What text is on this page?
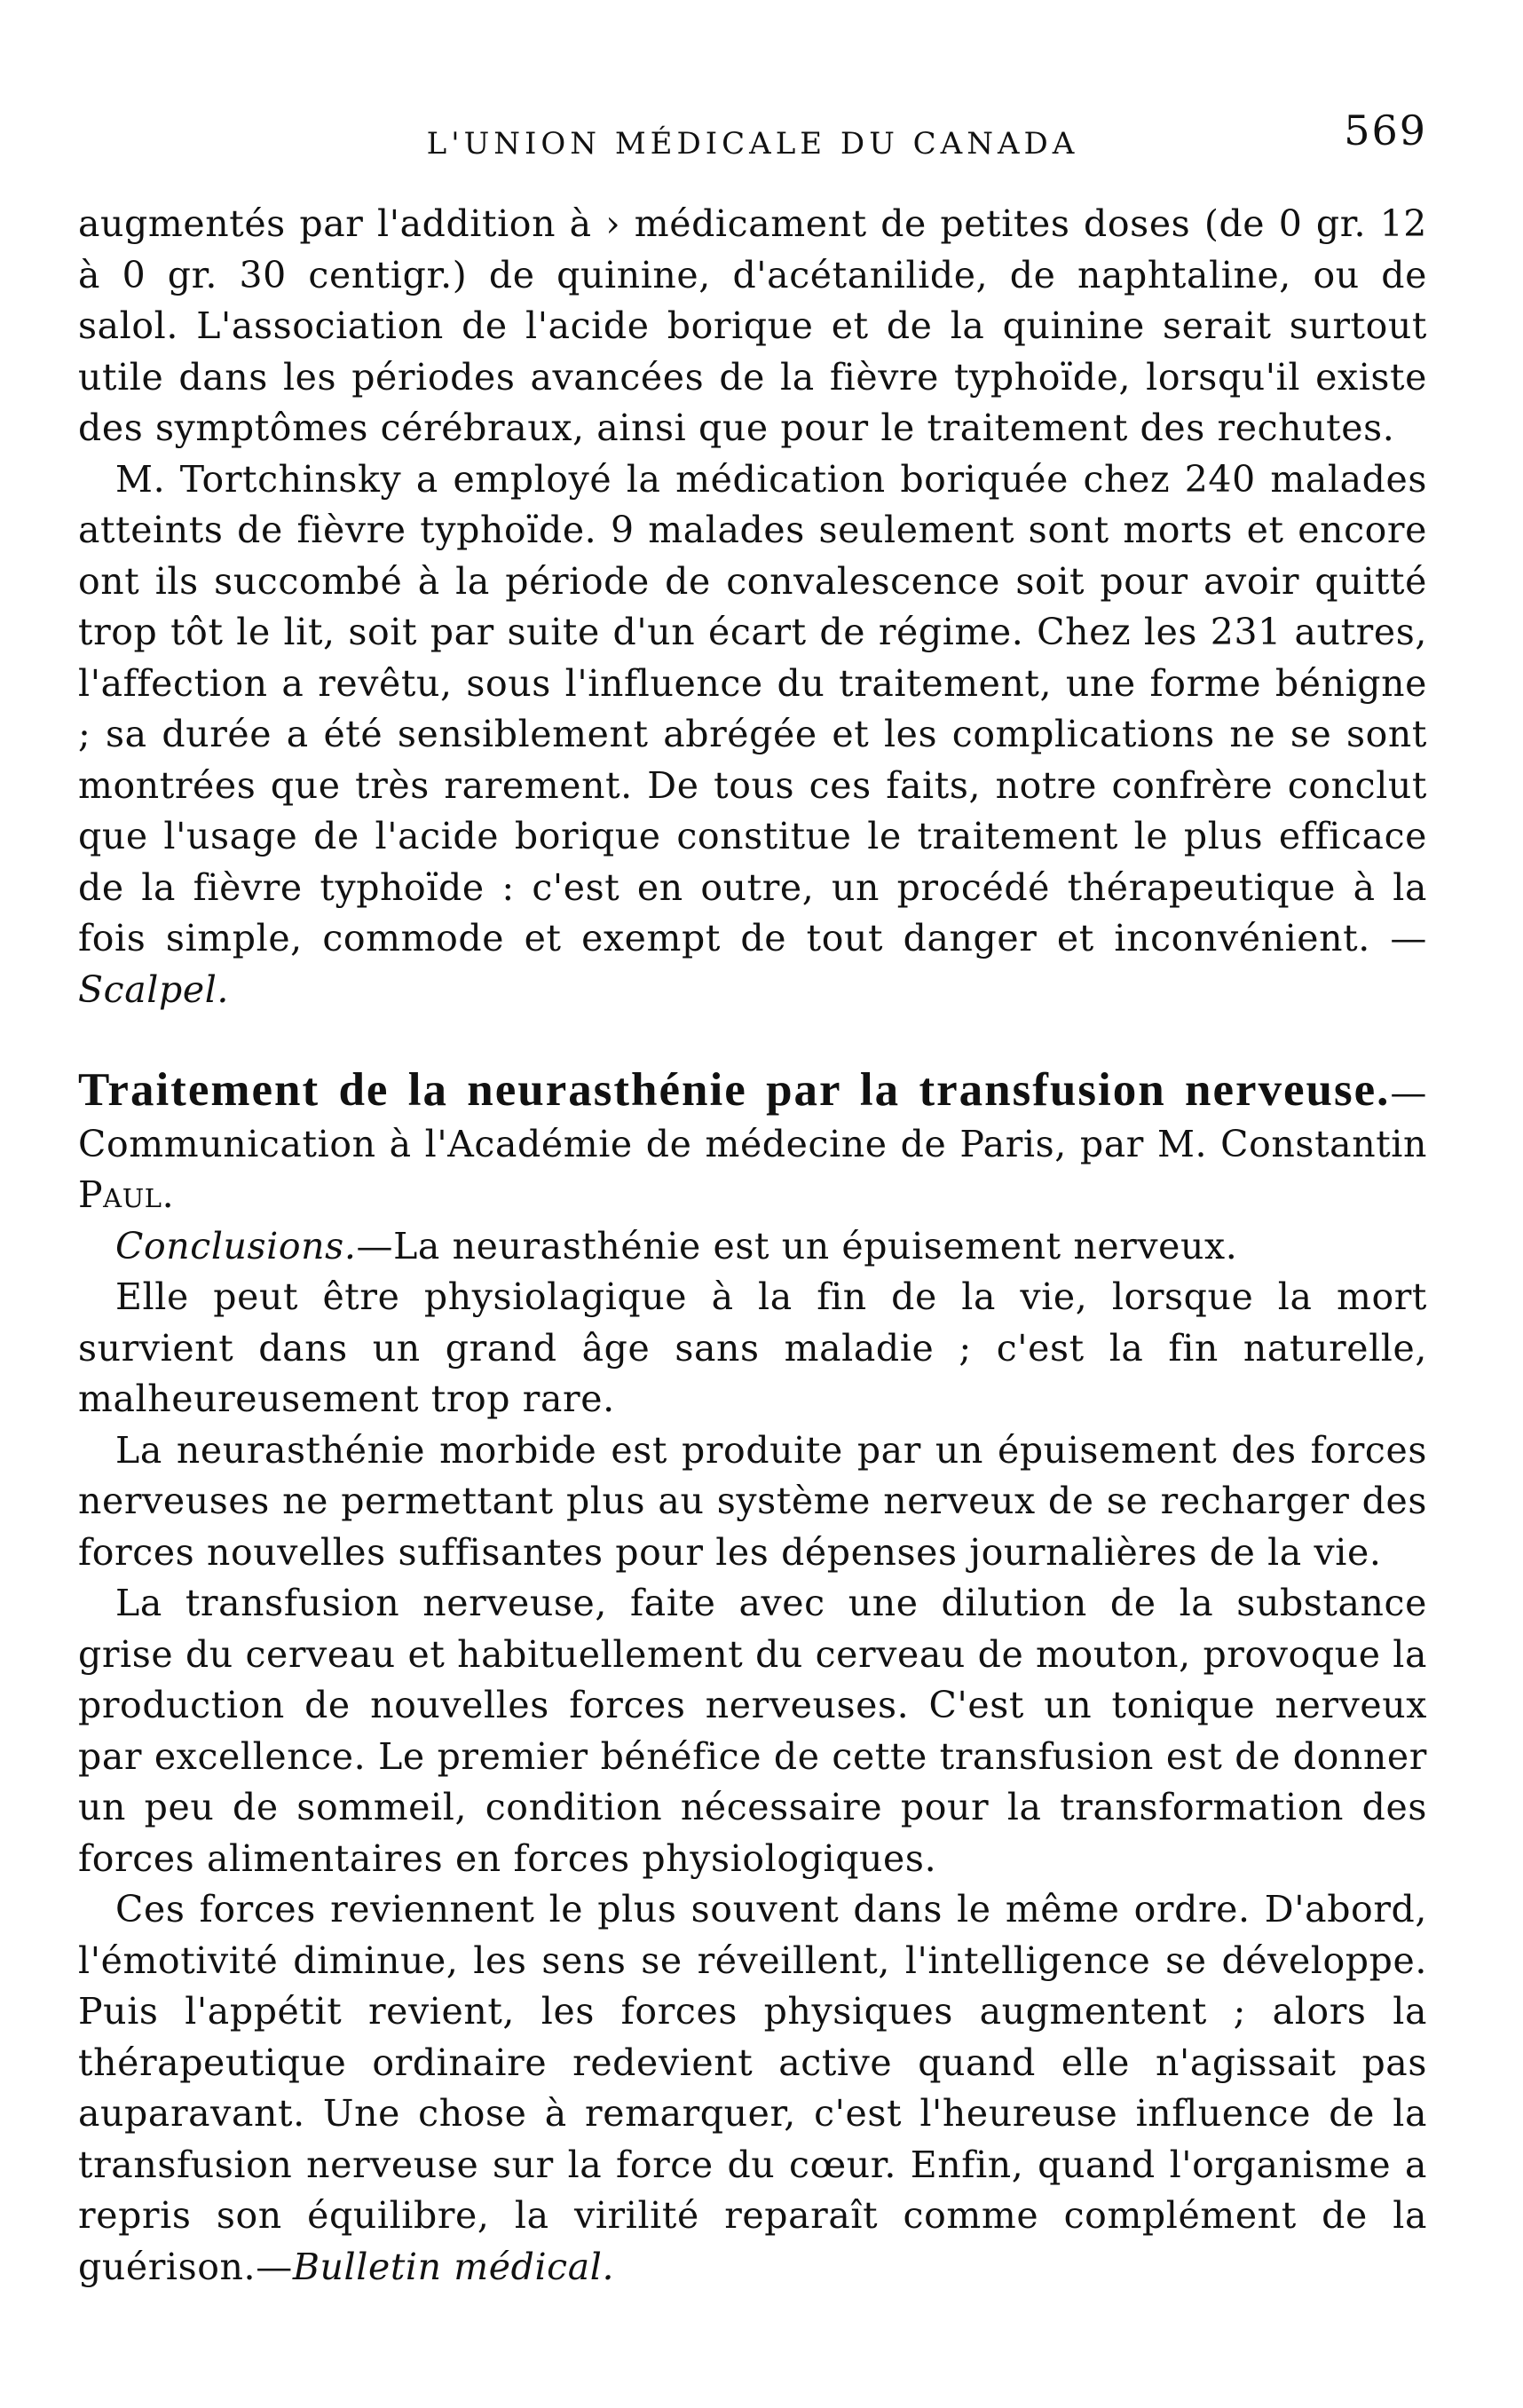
L'UNION MÉDICALE DU CANADA	569

augmentés par l'addition à › médicament de petites doses (de 0 gr. 12 à 0 gr. 30 centigr.) de quinine, d'acétanilide, de naphtaline, ou de salol. L'association de l'acide borique et de la quinine serait surtout utile dans les périodes avancées de la fièvre typhoïde, lorsqu'il existe des symptômes cérébraux, ainsi que pour le traitement des rechutes.

M. Tortchinsky a employé la médication boriquée chez 240 malades atteints de fièvre typhoïde. 9 malades seulement sont morts et encore ont ils succombé à la période de convalescence soit pour avoir quitté trop tôt le lit, soit par suite d'un écart de régime. Chez les 231 autres, l'affection a revêtu, sous l'influence du traitement, une forme bénigne ; sa durée a été sensiblement abrégée et les complications ne se sont montrées que très rarement. De tous ces faits, notre confrère conclut que l'usage de l'acide borique constitue le traitement le plus efficace de la fièvre typhoïde : c'est en outre, un procédé thérapeutique à la fois simple, commode et exempt de tout danger et inconvénient. —Scalpel.

Traitement de la neurasthénie par la transfusion nerveuse.—Communication à l'Académie de médecine de Paris, par M. Constantin Paul.

Conclusions.—La neurasthénie est un épuisement nerveux.

Elle peut être physiolagique à la fin de la vie, lorsque la mort survient dans un grand âge sans maladie ; c'est la fin naturelle, malheureusement trop rare.

La neurasthénie morbide est produite par un épuisement des forces nerveuses ne permettant plus au système nerveux de se recharger des forces nouvelles suffisantes pour les dépenses journalières de la vie.

La transfusion nerveuse, faite avec une dilution de la substance grise du cerveau et habituellement du cerveau de mouton, provoque la production de nouvelles forces nerveuses. C'est un tonique nerveux par excellence. Le premier bénéfice de cette transfusion est de donner un peu de sommeil, condition nécessaire pour la transformation des forces alimentaires en forces physiologiques.

Ces forces reviennent le plus souvent dans le même ordre. D'abord, l'émotivité diminue, les sens se réveillent, l'intelligence se développe. Puis l'appétit revient, les forces physiques augmentent ; alors la thérapeutique ordinaire redevient active quand elle n'agissait pas auparavant. Une chose à remarquer, c'est l'heureuse influence de la transfusion nerveuse sur la force du cœur. Enfin, quand l'organisme a repris son équilibre, la virilité reparaît comme complément de la guérison.—Bulletin médical.
